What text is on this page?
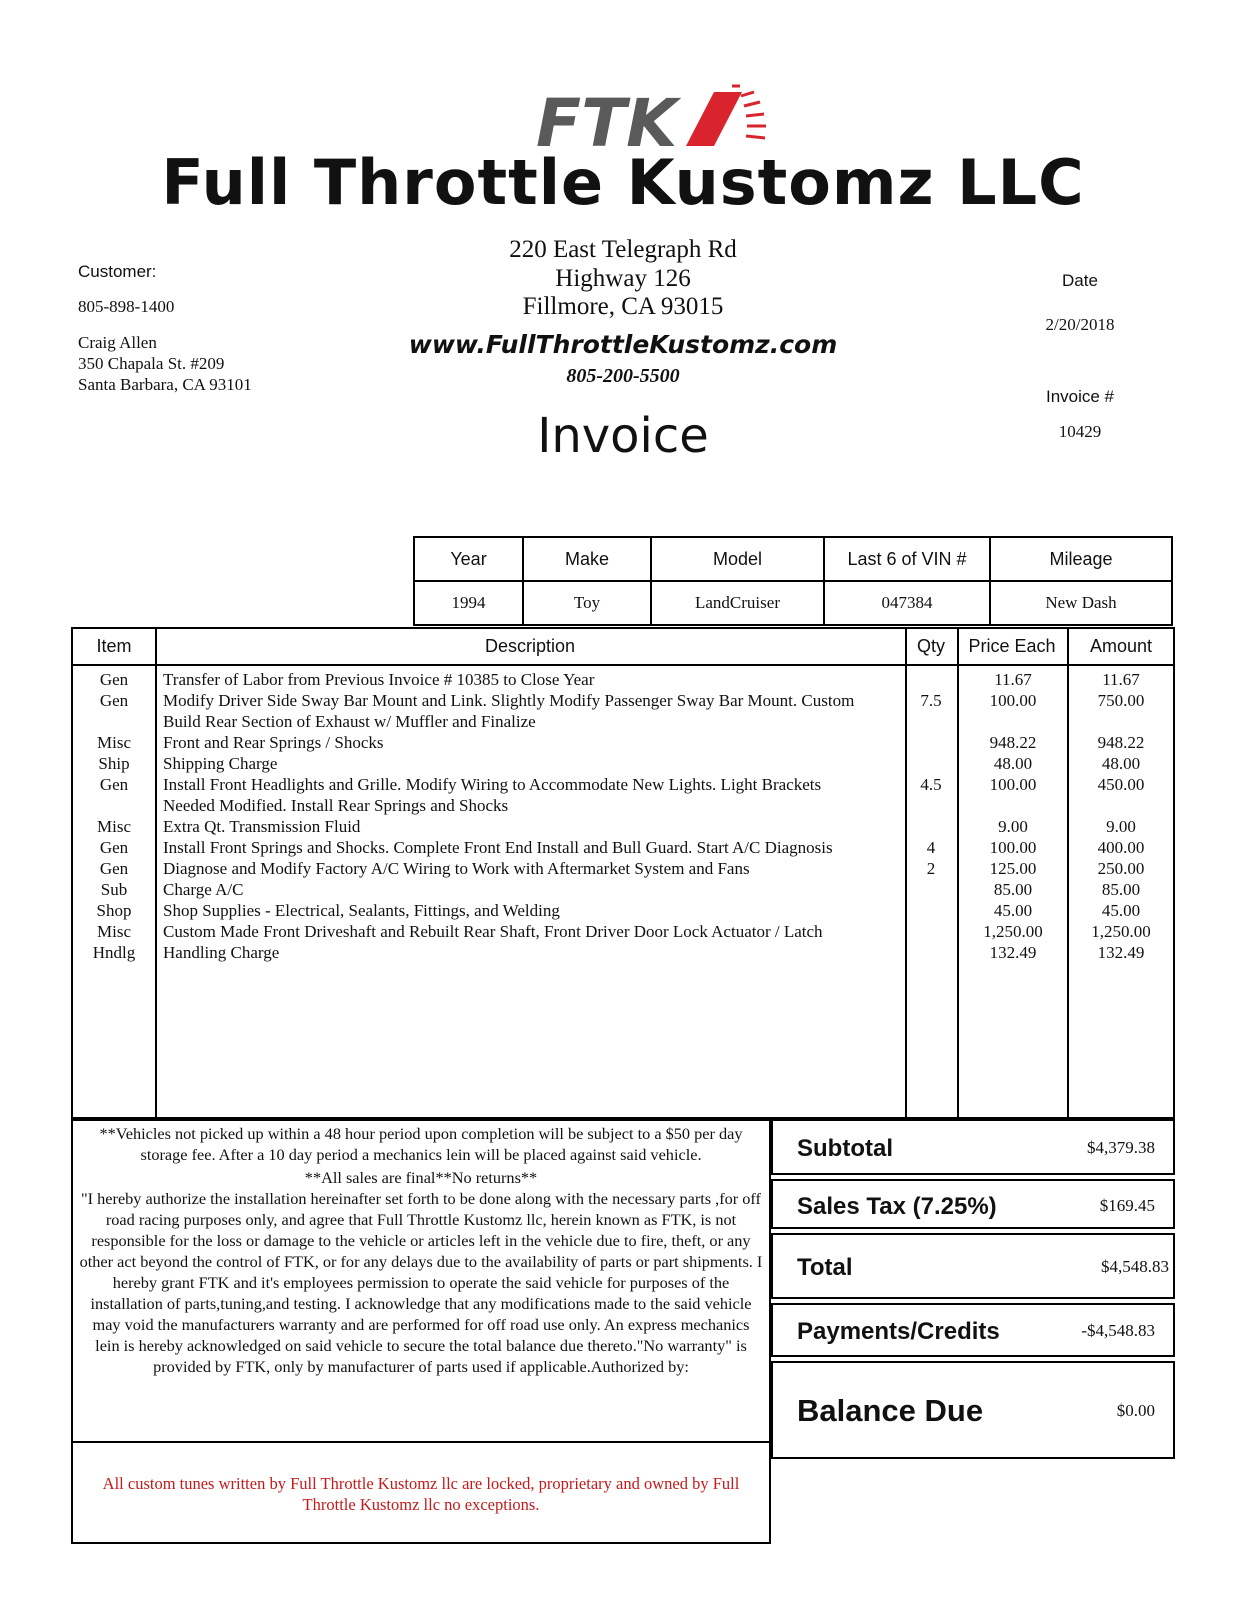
FTK
Full Throttle Kustomz LLC
220 East Telegraph Rd
Highway 126
Fillmore, CA 93015
www.FullThrottleKustomz.com
805-200-5500
Invoice
Customer:
805-898-1400
Craig Allen
350 Chapala St. #209
Santa Barbara, CA 93101
Date
2/20/2018
Invoice #
10429
Year	Make	Model	Last 6 of VIN #	Mileage
1994	Toy	LandCruiser	047384	New Dash
Item	Description	Qty	Price Each	Amount
Gen	Transfer of Labor from Previous Invoice # 10385 to Close Year	11.67	11.67
Gen	Modify Driver Side Sway Bar Mount and Link. Slightly Modify Passenger Sway Bar Mount. Custom	7.5	100.00	750.00
Build Rear Section of Exhaust w/ Muffler and Finalize
Misc	Front and Rear Springs / Shocks	948.22	948.22
Ship	Shipping Charge	48.00	48.00
Gen	Install Front Headlights and Grille. Modify Wiring to Accommodate New Lights. Light Brackets	4.5	100.00	450.00
Needed Modified. Install Rear Springs and Shocks
Misc	Extra Qt. Transmission Fluid	9.00	9.00
Gen	Install Front Springs and Shocks. Complete Front End Install and Bull Guard. Start A/C Diagnosis	4	100.00	400.00
Gen	Diagnose and Modify Factory A/C Wiring to Work with Aftermarket System and Fans	2	125.00	250.00
Sub	Charge A/C	85.00	85.00
Shop	Shop Supplies - Electrical, Sealants, Fittings, and Welding	45.00	45.00
Misc	Custom Made Front Driveshaft and Rebuilt Rear Shaft, Front Driver Door Lock Actuator / Latch	1,250.00	1,250.00
Hndlg	Handling Charge	132.49	132.49

**Vehicles not picked up within a 48 hour period upon completion will be subject to a $50 per day storage fee. After a 10 day period a mechanics lein will be placed against said vehicle.

**All sales are final**No returns**

"I hereby authorize the installation hereinafter set forth to be done along with the necessary parts ,for off road racing purposes only, and agree that Full Throttle Kustomz llc, herein known as FTK, is not responsible for the loss or damage to the vehicle or articles left in the vehicle due to fire, theft, or any other act beyond the control of FTK, or for any delays due to the availability of parts or part shipments. I hereby grant FTK and it's employees permission to operate the said vehicle for purposes of the installation of parts,tuning,and testing. I acknowledge that any modifications made to the said vehicle may void the manufacturers warranty and are performed for off road use only. An express mechanics lein is hereby acknowledged on said vehicle to secure the total balance due thereto."No warranty" is provided by FTK, only by manufacturer of parts used if applicable.Authorized by:

All custom tunes written by Full Throttle Kustomz llc are locked, proprietary and owned by Full Throttle Kustomz llc no exceptions.
Subtotal	$4,379.38
Sales Tax (7.25%)	$169.45
Total	$4,548.83
Payments/Credits	-$4,548.83
Balance Due	$0.00
